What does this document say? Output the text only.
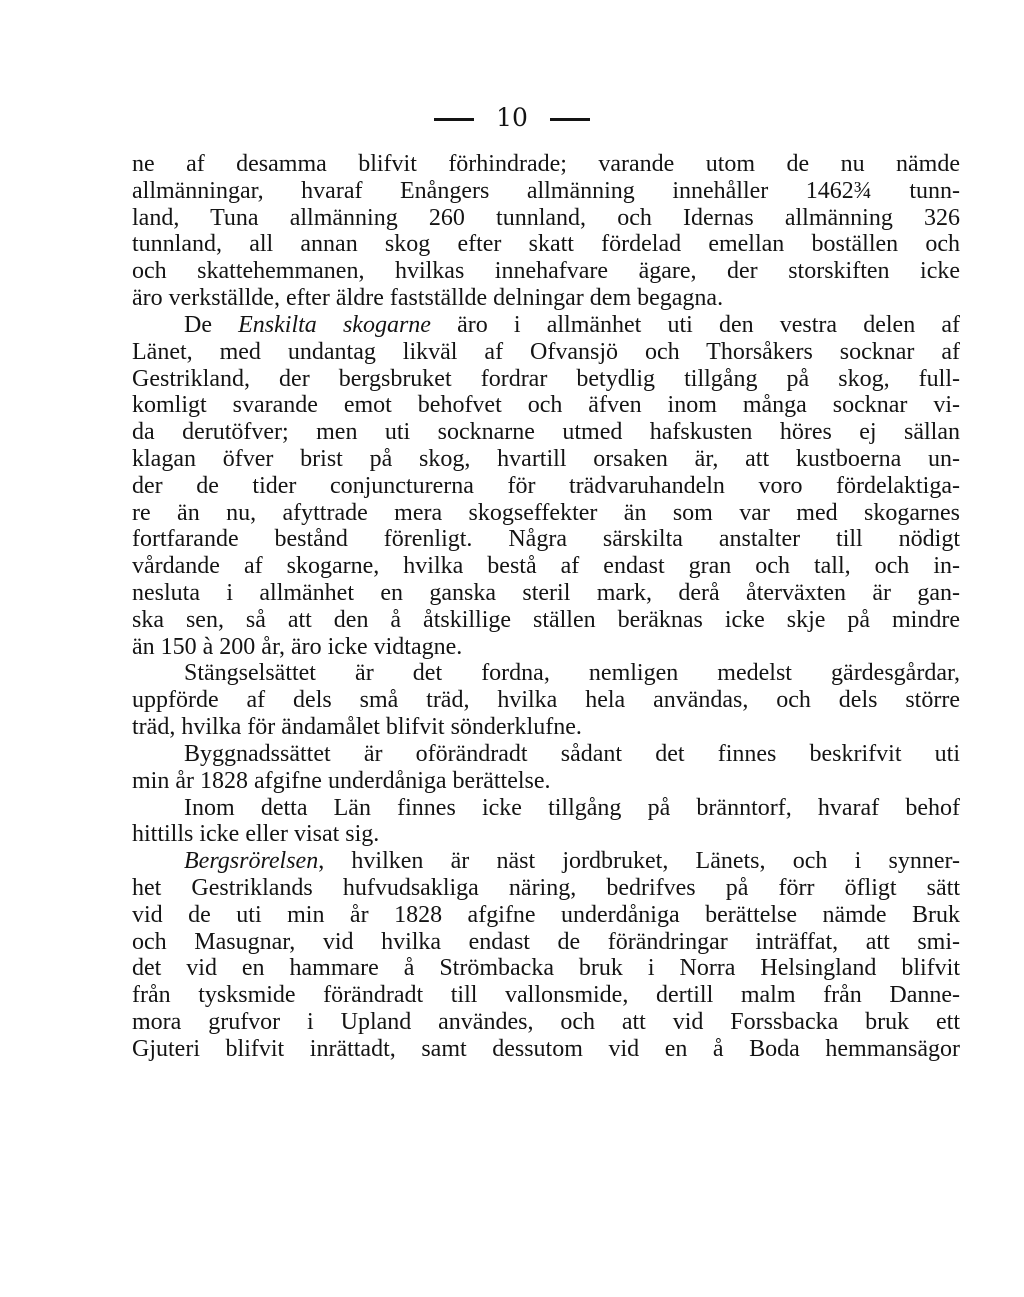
10
ne af desamma blifvit förhindrade; varande utom de nu nämde
allmänningar, hvaraf Enångers allmänning innehåller 1462¾ tunn-
land, Tuna allmänning 260 tunnland, och Idernas allmänning 326
tunnland, all annan skog efter skatt fördelad emellan boställen och
och skattehemmanen, hvilkas innehafvare ägare, der storskiften icke
äro verkställde, efter äldre fastställde delningar dem begagna.
De Enskilta skogarne äro i allmänhet uti den vestra delen af
Länet, med undantag likväl af Ofvansjö och Thorsåkers socknar af
Gestrikland, der bergsbruket fordrar betydlig tillgång på skog, full-
komligt svarande emot behofvet och äfven inom många socknar vi-
da derutöfver; men uti socknarne utmed hafskusten höres ej sällan
klagan öfver brist på skog, hvartill orsaken är, att kustboerna un-
der de tider conjuncturerna för trädvaruhandeln voro fördelaktiga-
re än nu, afyttrade mera skogseffekter än som var med skogarnes
fortfarande bestånd förenligt. Några särskilta anstalter till nödigt
vårdande af skogarne, hvilka bestå af endast gran och tall, och in-
nesluta i allmänhet en ganska steril mark, derå återväxten är gan-
ska sen, så att den å åtskillige ställen beräknas icke skje på mindre
än 150 à 200 år, äro icke vidtagne.
Stängselsättet är det fordna, nemligen medelst gärdesgårdar,
uppförde af dels små träd, hvilka hela användas, och dels större
träd, hvilka för ändamålet blifvit sönderklufne.
Byggnadssättet är oförändradt sådant det finnes beskrifvit uti
min år 1828 afgifne underdåniga berättelse.
Inom detta Län finnes icke tillgång på bränntorf, hvaraf behof
hittills icke eller visat sig.
Bergsrörelsen, hvilken är näst jordbruket, Länets, och i synner-
het Gestriklands hufvudsakliga näring, bedrifves på förr öfligt sätt
vid de uti min år 1828 afgifne underdåniga berättelse nämde Bruk
och Masugnar, vid hvilka endast de förändringar inträffat, att smi-
det vid en hammare å Strömbacka bruk i Norra Helsingland blifvit
från tysksmide förändradt till vallonsmide, dertill malm från Danne-
mora grufvor i Upland användes, och att vid Forssbacka bruk ett
Gjuteri blifvit inrättadt, samt dessutom vid en å Boda hemmansägor
